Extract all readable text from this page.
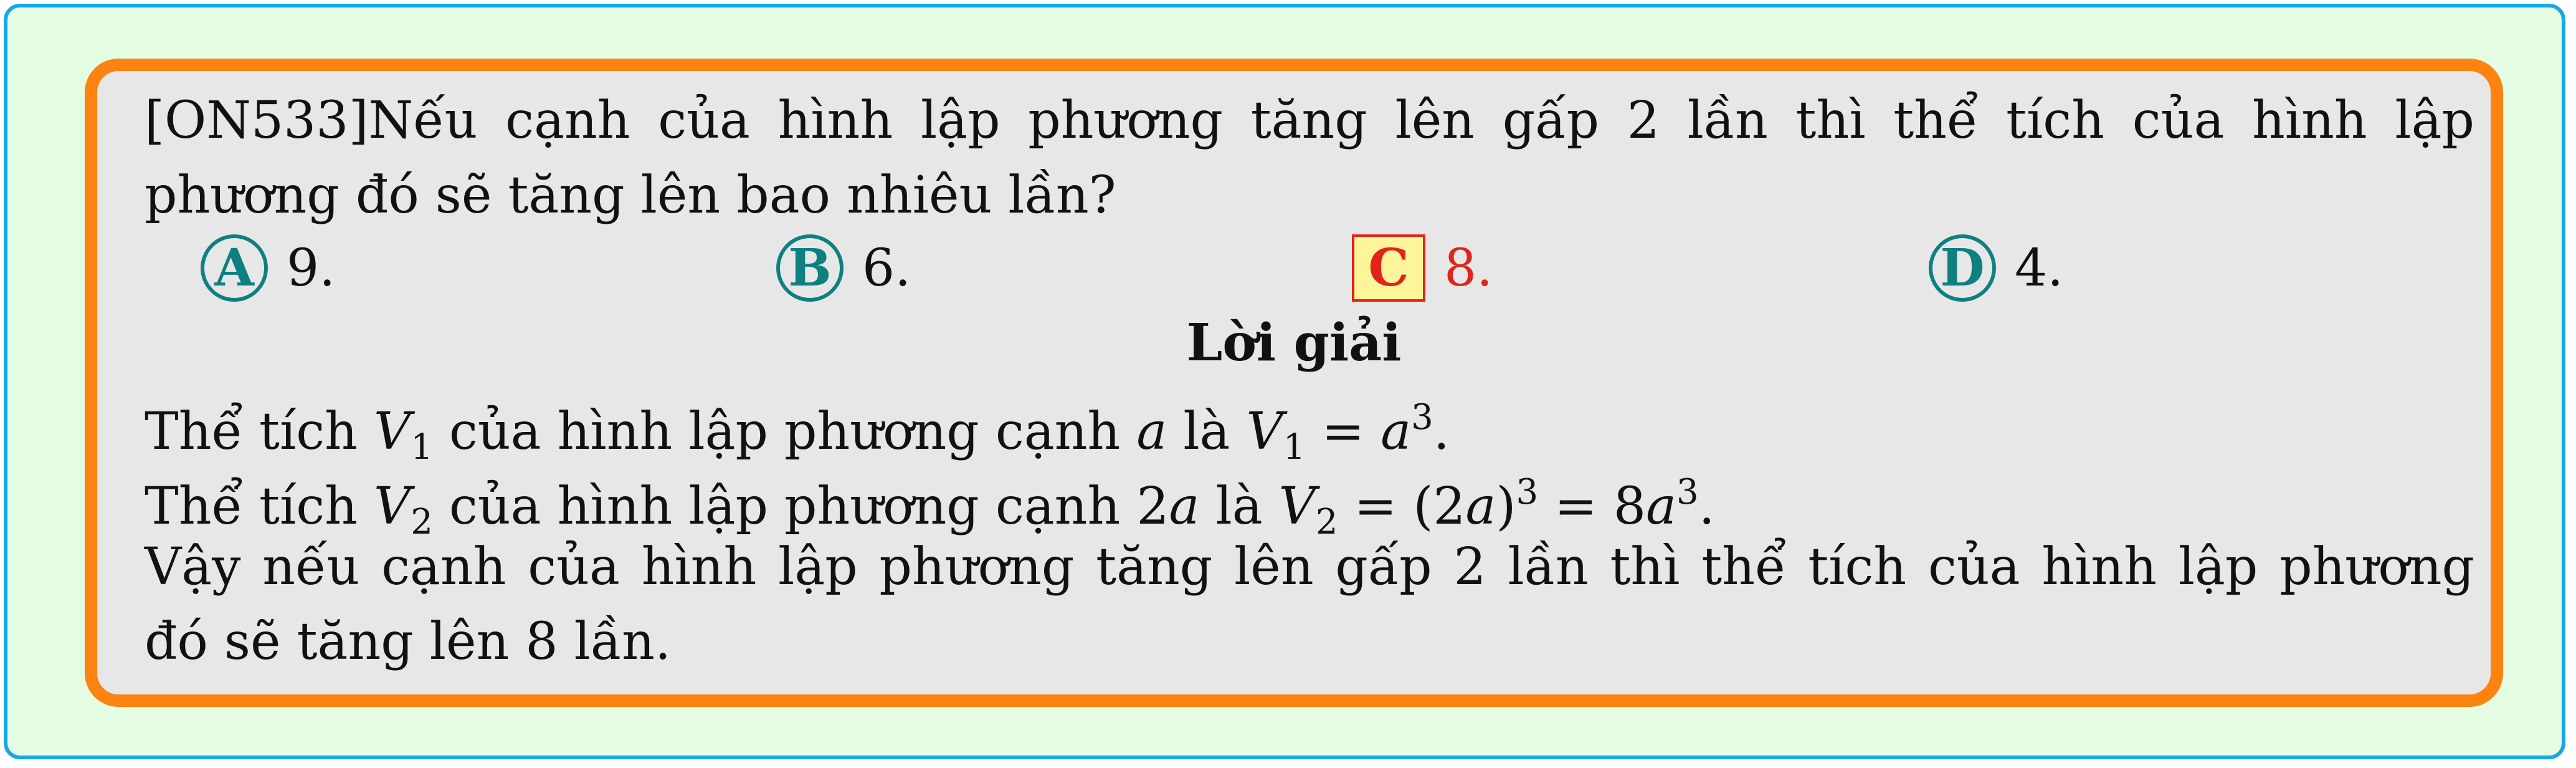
[ON533]Nếu cạnh của hình lập phương tăng lên gấp 2 lần thì thể tích của hình lập
phương đó sẽ tăng lên bao nhiêu lần?
A 9.	B 6.	C 8.	D 4.
Lời giải
Thể tích $V_1$ của hình lập phương cạnh a là $V_1 = a^3$.
Thể tích $V_2$ của hình lập phương cạnh 2a là $V_2 = (2a)^3 = 8a^3$.
Vậy nếu cạnh của hình lập phương tăng lên gấp 2 lần thì thể tích của hình lập phương
đó sẽ tăng lên 8 lần.
